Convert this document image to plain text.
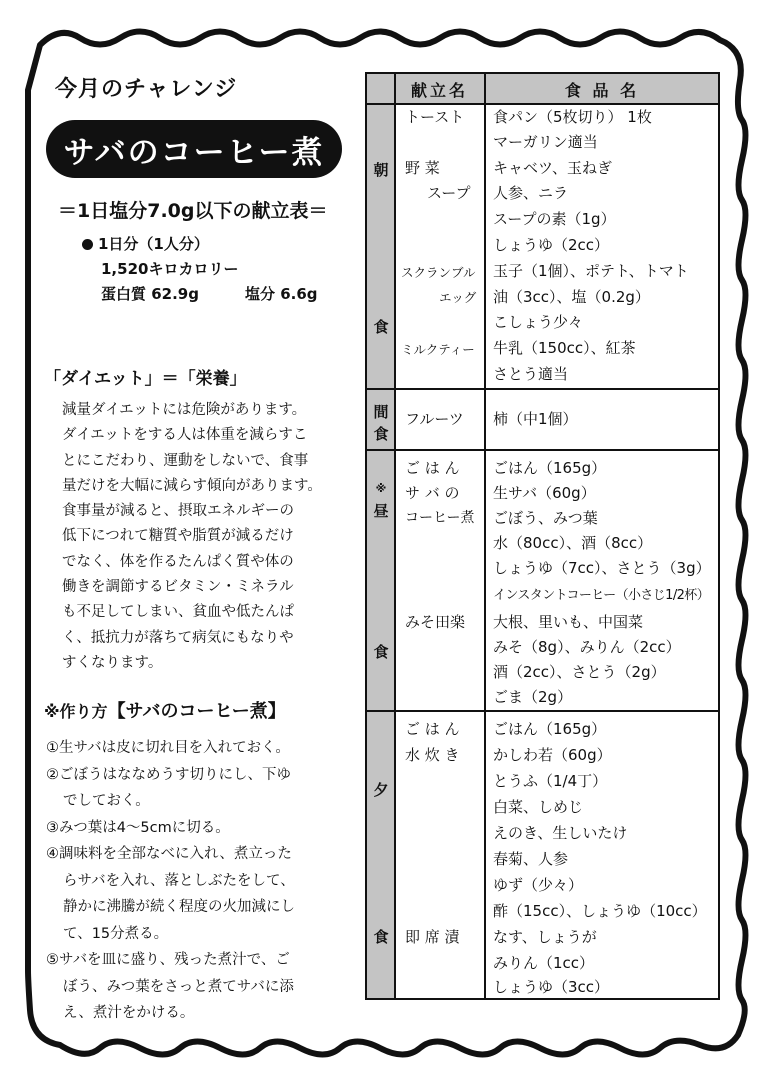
今月のチャレンジ
サバのコーヒー煮
＝1日塩分7.0g以下の献立表＝
1日分（1人分）
1,520キロカロリー
蛋白質 62.9g	塩分 6.6g
「ダイエット」＝「栄養」
減量ダイエットには危険があります。
ダイエットをする人は体重を減らすこ
とにこだわり、運動をしないで、食事
量だけを大幅に減らす傾向があります。
食事量が減ると、摂取エネルギーの
低下につれて糖質や脂質が減るだけ
でなく、体を作るたんぱく質や体の
働きを調節するビタミン・ミネラル
も不足してしまい、貧血や低たんぱ
く、抵抗力が落ちて病気にもなりや
すくなります。
※作り方【サバのコーヒー煮】
①生サバは皮に切れ目を入れておく。
②ごぼうはななめうす切りにし、下ゆ
でしておく。
③みつ葉は4～5cmに切る。
④調味料を全部なべに入れ、煮立った
らサバを入れ、落としぶたをして、
静かに沸騰が続く程度の火加減にし
て、15分煮る。
⑤サバを皿に盛り、残った煮汁で、ご
ぼう、みつ葉をさっと煮てサバに添
え、煮汁をかける。
献立名	食 品 名
朝
食
間
食
※
昼
食
夕
食
トースト
野 菜
スープ
スクランブル
エッグ
ミルクティー
フルーツ
ご は ん
サ バ の
コーヒー煮
みそ田楽
ご は ん
水 炊 き
即 席 漬
食パン（5枚切り） 1枚
マーガリン適当
キャベツ、玉ねぎ
人参、ニラ
スープの素（1g）
しょうゆ（2cc）
玉子（1個）、ポテト、トマト
油（3cc）、塩（0.2g）
こしょう少々
牛乳（150cc）、紅茶
さとう適当
柿（中1個）
ごはん（165g）
生サバ（60g）
ごぼう、みつ葉
水（80cc）、酒（8cc）
しょうゆ（7cc）、さとう（3g）
インスタントコーヒー（小さじ1/2杯）
大根、里いも、中国菜
みそ（8g）、みりん（2cc）
酒（2cc）、さとう（2g）
ごま（2g）
ごはん（165g）
かしわ若（60g）
とうふ（1/4丁）
白菜、しめじ
えのき、生しいたけ
春菊、人参
ゆず（少々）
酢（15cc）、しょうゆ（10cc）
なす、しょうが
みりん（1cc）
しょうゆ（3cc）
